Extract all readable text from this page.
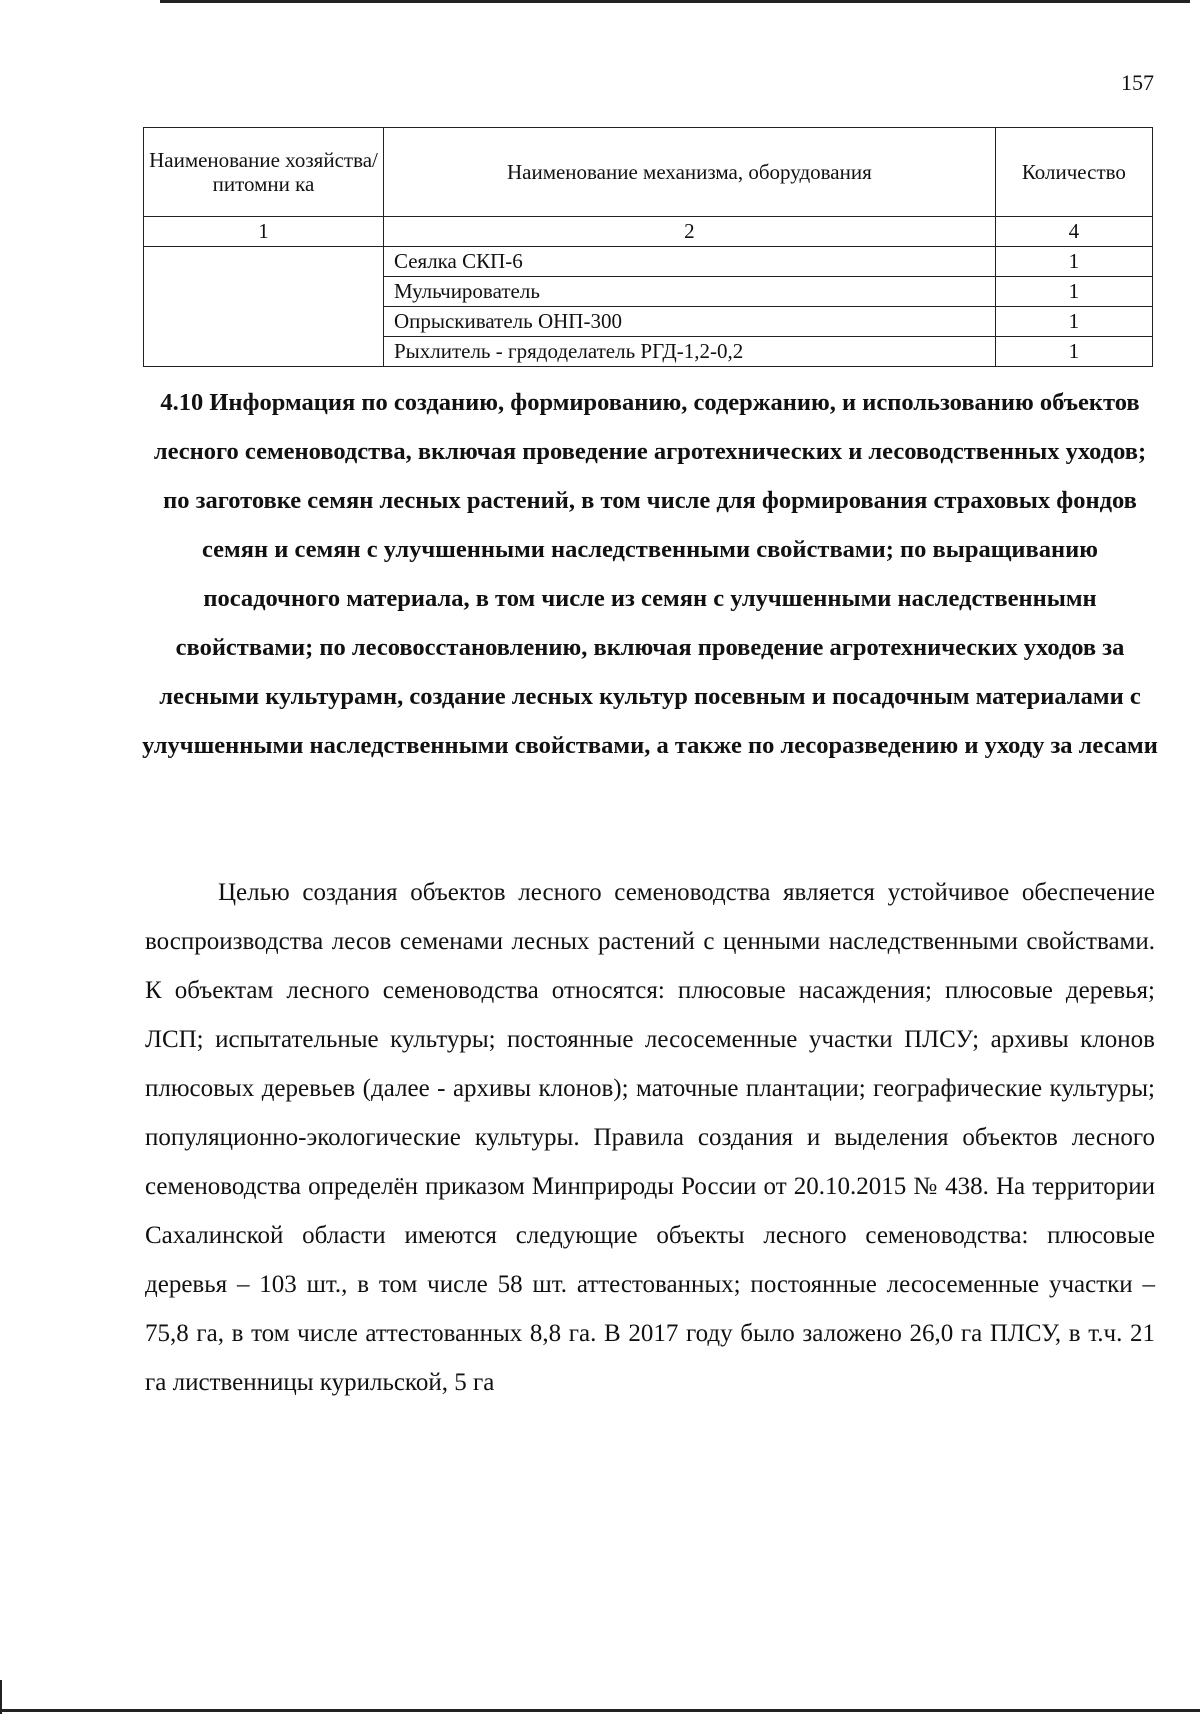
157
Наименование хозяйства/питомни ка	Наименование механизма, оборудования	Количество
1	2	4
	Сеялка СКП-6	1
	Мульчирователь	1
	Опрыскиватель ОНП-300	1
	Рыхлитель - грядоделатель РГД-1,2-0,2	1
4.10 Информация по созданию, формированию, содержанию, и использованию объектов лесного семеноводства, включая проведение агротехнических и лесоводственных уходов; по заготовке семян лесных растений, в том числе для формирования страховых фондов семян и семян с улучшенными наследственными свойствами; по выращиванию посадочного материала, в том числе из семян с улучшенными наследственнымн свойствами; по лесовосстановлению, включая проведение агротехнических уходов за лесными культурамн, создание лесных культур посевным и посадочным материалами с улучшенными наследственными свойствами, а также по лесоразведению и уходу за лесами

Целью создания объектов лесного семеноводства является устойчивое обеспечение воспроизводства лесов семенами лесных растений с ценными наследственными свойствами. К объектам лесного семеноводства относятся: плюсовые насаждения; плюсовые деревья; ЛСП; испытательные культуры; постоянные лесосеменные участки ПЛСУ; архивы клонов плюсовых деревьев (далее - архивы клонов); маточные плантации; географические культуры; популяционно-экологические культуры. Правила создания и выделения объектов лесного семеноводства определён приказом Минприроды России от 20.10.2015 № 438. На территории Сахалинской области имеются следующие объекты лесного семеноводства: плюсовые деревья – 103 шт., в том числе 58 шт. аттестованных; постоянные лесосеменные участки – 75,8 га, в том числе аттестованных 8,8 га. В 2017 году было заложено 26,0 га ПЛСУ, в т.ч. 21 га лиственницы курильской, 5 га
